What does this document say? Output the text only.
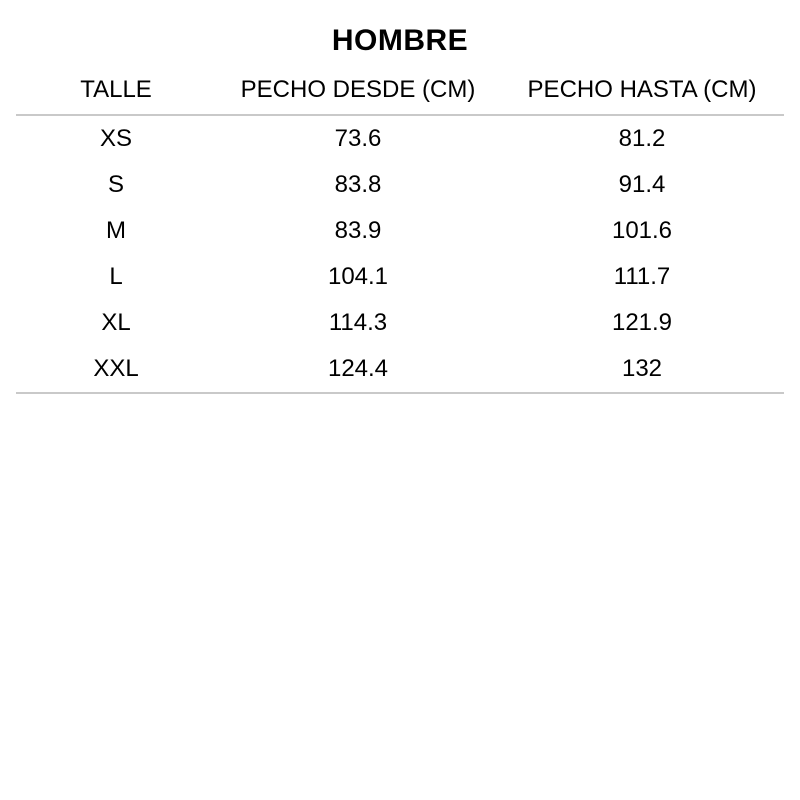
HOMBRE
TALLE	PECHO DESDE (CM)	PECHO HASTA (CM)
XS	73.6	81.2
S	83.8	91.4
M	83.9	101.6
L	104.1	111.7
XL	114.3	121.9
XXL	124.4	132
